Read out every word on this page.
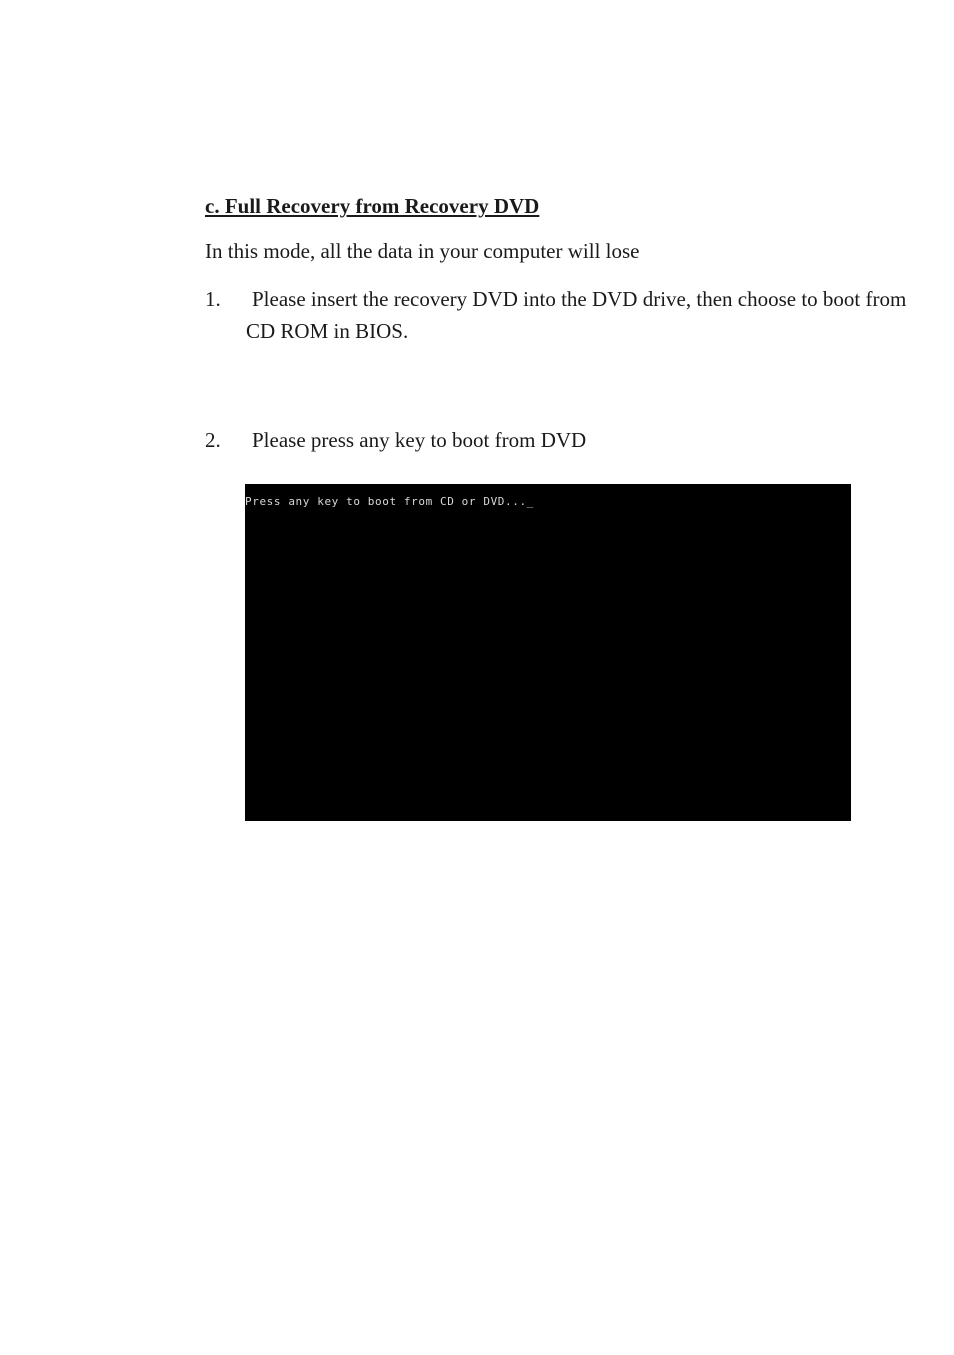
c. Full Recovery from Recovery DVD
In this mode, all the data in your computer will lose
1.	Please insert the recovery DVD into the DVD drive, then choose to boot from CD ROM in BIOS.
2.	Please press any key to boot from DVD
Press any key to boot from CD or DVD..._
